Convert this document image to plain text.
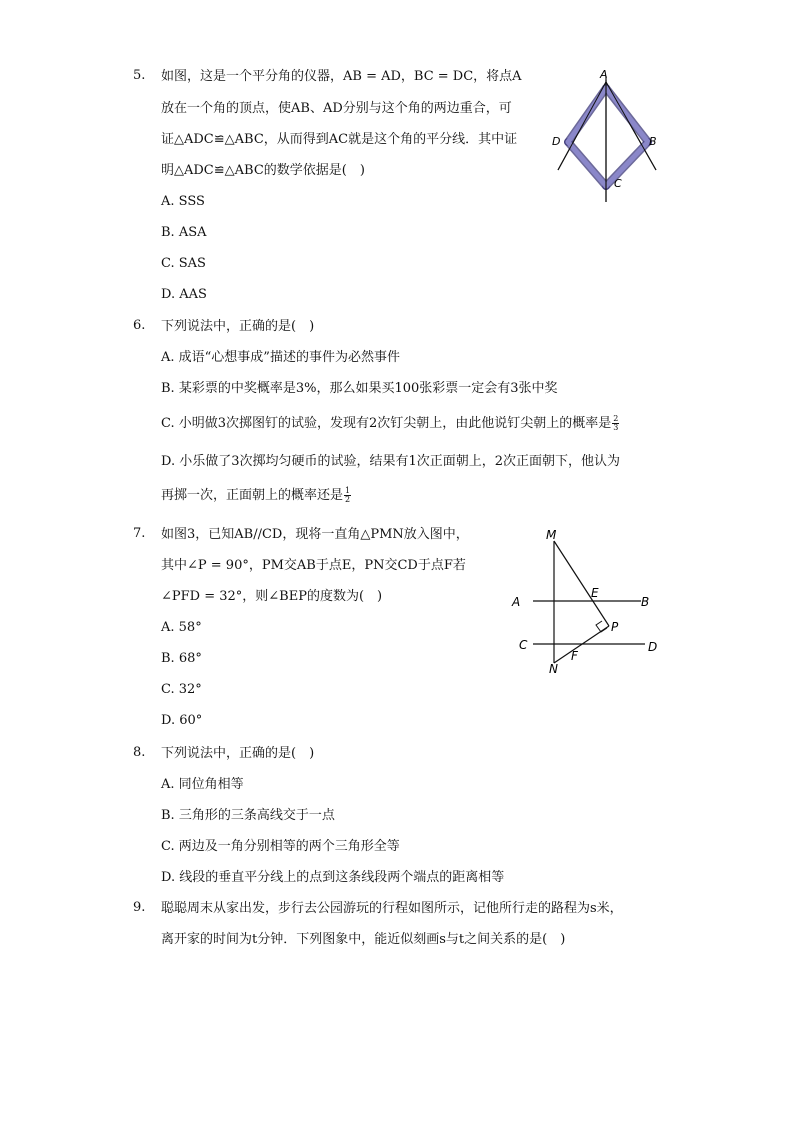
5.	如图，这是一个平分角的仪器，AB = AD，BC = DC，将点A
放在一个角的顶点，使AB、AD分别与这个角的两边重合，可
证△ADC≌△ABC，从而得到AC就是这个角的平分线．其中证
明△ADC≌△ABC的数学依据是(　)
A. SSS
B. ASA
C. SAS
D. AAS
A
B
C
D
6.	下列说法中，正确的是(　)
A. 成语“心想事成”描述的事件为必然事件
B. 某彩票的中奖概率是3%，那么如果买100张彩票一定会有3张中奖
C. 小明做3次掷图钉的试验，发现有2次钉尖朝上，由此他说钉尖朝上的概率是 $\frac{2}{3}$
D. 小乐做了3次掷均匀硬币的试验，结果有1次正面朝上，2次正面朝下，他认为
再掷一次，正面朝上的概率还是 $\frac{1}{2}$
7.	如图3，已知AB//CD，现将一直角△PMN放入图中，
其中∠P = 90°，PM交AB于点E，PN交CD于点F若
∠PFD = 32°，则∠BEP的度数为(　)
A. 58°
B. 68°
C. 32°
D. 60°
M
A
E
B
P
C	D
F
N
8.	下列说法中，正确的是(　)
A. 同位角相等
B. 三角形的三条高线交于一点
C. 两边及一角分别相等的两个三角形全等
D. 线段的垂直平分线上的点到这条线段两个端点的距离相等
9.	聪聪周末从家出发，步行去公园游玩的行程如图所示，记他所行走的路程为s米，
离开家的时间为t分钟．下列图象中，能近似刻画s与t之间关系的是(　)
